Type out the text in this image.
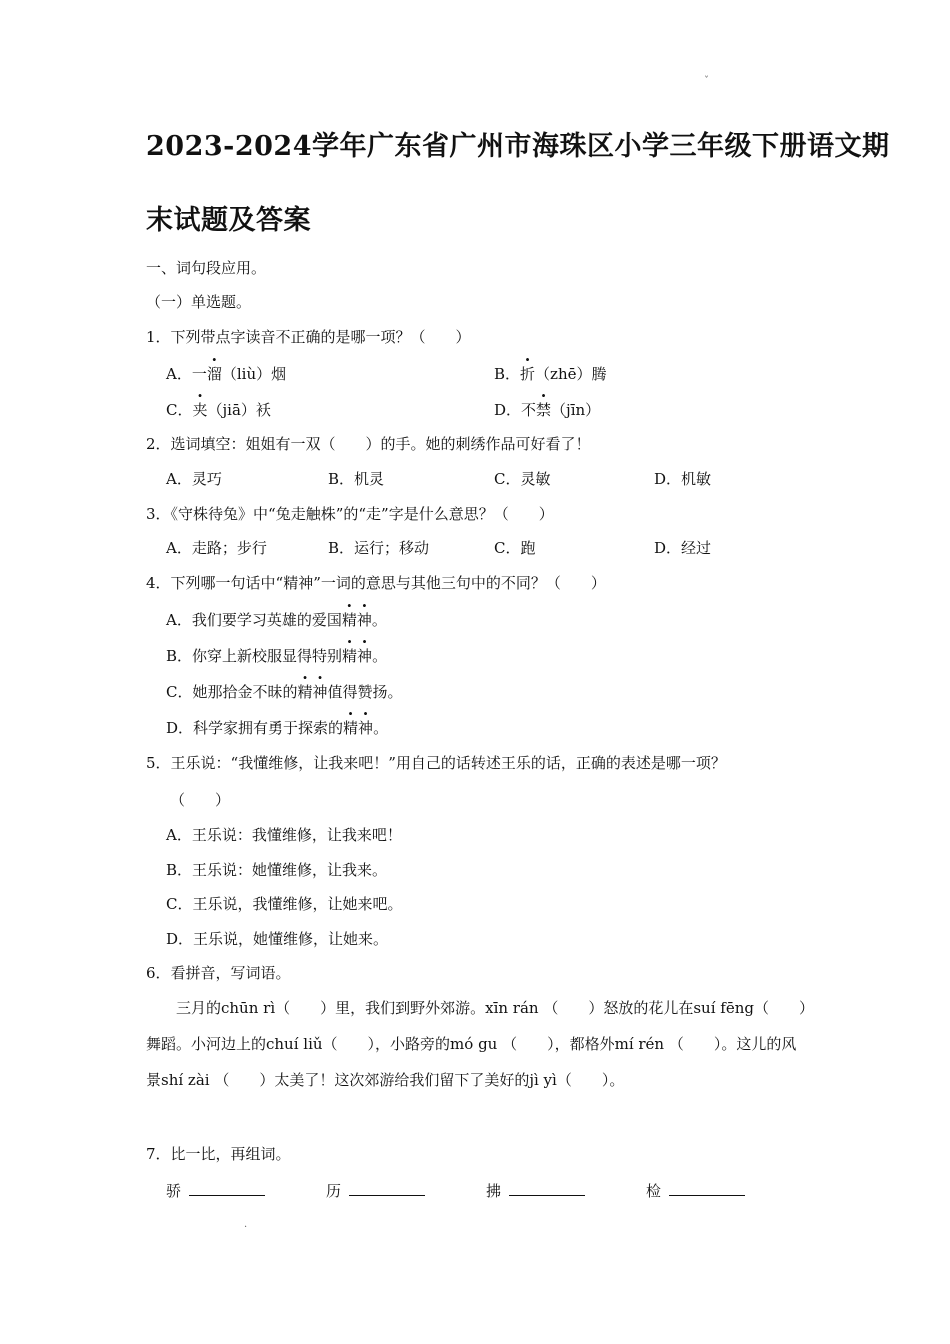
ˇ
2023-2024学年广东省广州市海珠区小学三年级下册语文期
末试题及答案
一、词句段应用。
（一）单选题。
1．下列带点字读音不正确的是哪一项？（　　）
A．一溜（liù）烟	B．折（zhē）腾
C．夹（jiā）袄	D．不禁（jīn）
2．选词填空：姐姐有一双（　　）的手。她的刺绣作品可好看了！
A．灵巧	B．机灵	C．灵敏	D．机敏
3．《守株待兔》中“兔走触株”的“走”字是什么意思？（　　）
A．走路；步行	B．运行；移动	C．跑	D．经过
4．下列哪一句话中“精神”一词的意思与其他三句中的不同？（　　）
A．我们要学习英雄的爱国精神。
B．你穿上新校服显得特别精神。
C．她那拾金不昧的精神值得赞扬。
D．科学家拥有勇于探索的精神。
5．王乐说：“我懂维修，让我来吧！”用自己的话转述王乐的话，正确的表述是哪一项？
（　　）
A．王乐说：我懂维修，让我来吧！
B．王乐说：她懂维修，让我来。
C．王乐说，我懂维修，让她来吧。
D．王乐说，她懂维修，让她来。
6．看拼音，写词语。
　　三月的chūn rì（　　）里，我们到野外郊游。xīn rán （　　）怒放的花儿在suí fēng（　　）舞蹈。小河边上的chuí liǔ（　　），小路旁的mó gu （　　），都格外mí rén （　　）。这儿的风景shí zài （　　）太美了！这次郊游给我们留下了美好的jì yì（　　）。
7．比一比，再组词。
骄	历	拂	检
·
